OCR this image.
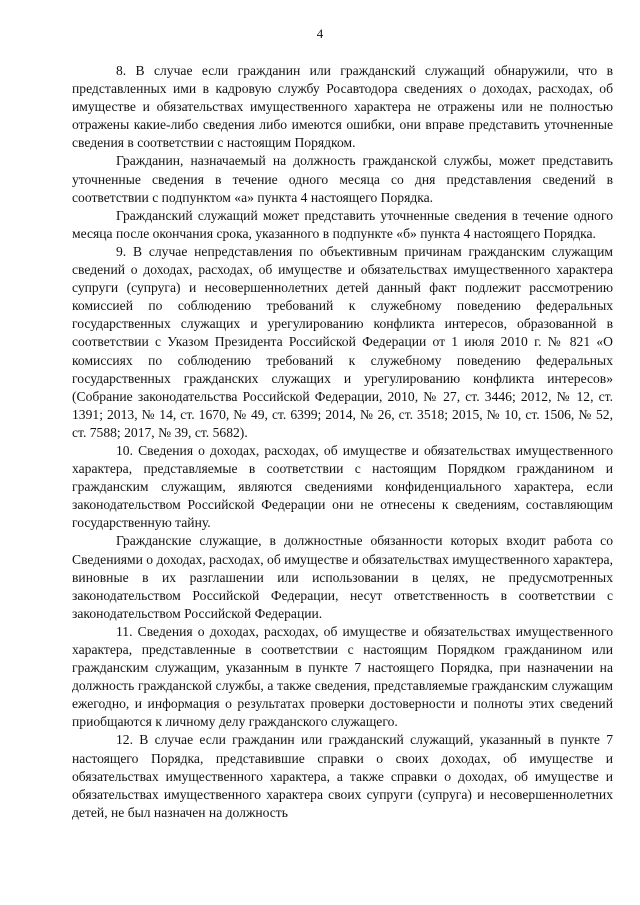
4

8. В случае если гражданин или гражданский служащий обнаружили, что в представленных ими в кадровую службу Росавтодора сведениях о доходах, расходах, об имуществе и обязательствах имущественного характера не отражены или не полностью отражены какие-либо сведения либо имеются ошибки, они вправе представить уточненные сведения в соответствии с настоящим Порядком.

Гражданин, назначаемый на должность гражданской службы, может представить уточненные сведения в течение одного месяца со дня представления сведений в соответствии с подпунктом «а» пункта 4 настоящего Порядка.

Гражданский служащий может представить уточненные сведения в течение одного месяца после окончания срока, указанного в подпункте «б» пункта 4 настоящего Порядка.

9. В случае непредставления по объективным причинам гражданским служащим сведений о доходах, расходах, об имуществе и обязательствах имущественного характера супруги (супруга) и несовершеннолетних детей данный факт подлежит рассмотрению комиссией по соблюдению требований к служебному поведению федеральных государственных служащих и урегулированию конфликта интересов, образованной в соответствии с Указом Президента Российской Федерации от 1 июля 2010 г. № 821 «О комиссиях по соблюдению требований к служебному поведению федеральных государственных гражданских служащих и урегулированию конфликта интересов» (Собрание законодательства Российской Федерации, 2010, № 27, ст. 3446; 2012, № 12, ст. 1391; 2013, № 14, ст. 1670, № 49, ст. 6399; 2014, № 26, ст. 3518; 2015, № 10, ст. 1506, № 52, ст. 7588; 2017, № 39, ст. 5682).

10. Сведения о доходах, расходах, об имуществе и обязательствах имущественного характера, представляемые в соответствии с настоящим Порядком гражданином и гражданским служащим, являются сведениями конфиденциального характера, если законодательством Российской Федерации они не отнесены к сведениям, составляющим государственную тайну.

Гражданские служащие, в должностные обязанности которых входит работа со Сведениями о доходах, расходах, об имуществе и обязательствах имущественного характера, виновные в их разглашении или использовании в целях, не предусмотренных законодательством Российской Федерации, несут ответственность в соответствии с законодательством Российской Федерации.

11. Сведения о доходах, расходах, об имуществе и обязательствах имущественного характера, представленные в соответствии с настоящим Порядком гражданином или гражданским служащим, указанным в пункте 7 настоящего Порядка, при назначении на должность гражданской службы, а также сведения, представляемые гражданским служащим ежегодно, и информация о результатах проверки достоверности и полноты этих сведений приобщаются к личному делу гражданского служащего.

12. В случае если гражданин или гражданский служащий, указанный в пункте 7 настоящего Порядка, представившие справки о своих доходах, об имуществе и обязательствах имущественного характера, а также справки о доходах, об имуществе и обязательствах имущественного характера своих супруги (супруга) и несовершеннолетних детей, не был назначен на должность
